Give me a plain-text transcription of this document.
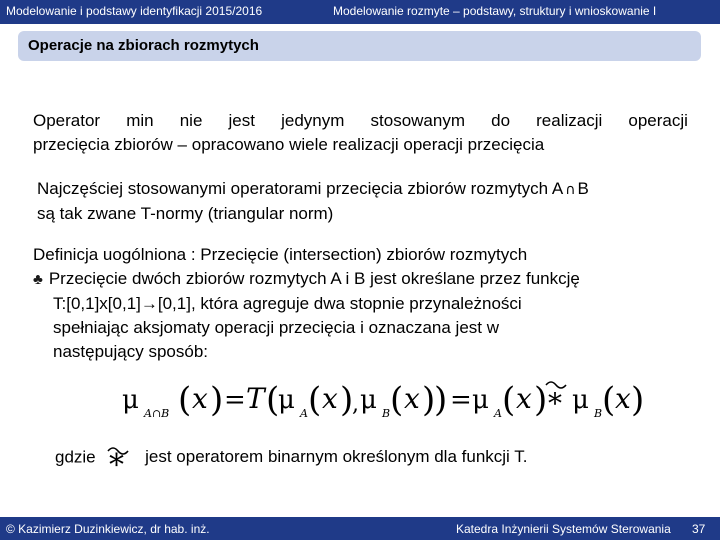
Modelowanie i podstawy identyfikacji 2015/2016	Modelowanie rozmyte – podstawy, struktury i wnioskowanie I
Operacje na zbiorach rozmytych
Operator min nie jest jedynym stosowanym do realizacji operacji
przecięcia zbiorów – opracowano wiele realizacji operacji przecięcia
Najczęściej stosowanymi operatorami przecięcia zbiorów rozmytych A ∩ B
są tak zwane T-normy (triangular norm)
Definicja uogólniona : Przecięcie (intersection) zbiorów rozmytych
♣ Przecięcie dwóch zbiorów rozmytych A i B jest określane przez funkcję
T:[0,1]x[0,1]→[0,1], która agreguje dwa stopnie przynależności
spełniając aksjomaty operacji przecięcia i oznaczana jest w
następujący sposób:
μ A∩B ( x ) = T (
μ A ( x )
, μ B ( x )
) = μ A ( x ) * μ B ( x )
gdzie * jest operatorem binarnym określonym dla funkcji T.
© Kazimierz Duzinkiewicz, dr hab. inż.	Katedra Inżynierii Systemów Sterowania 37
